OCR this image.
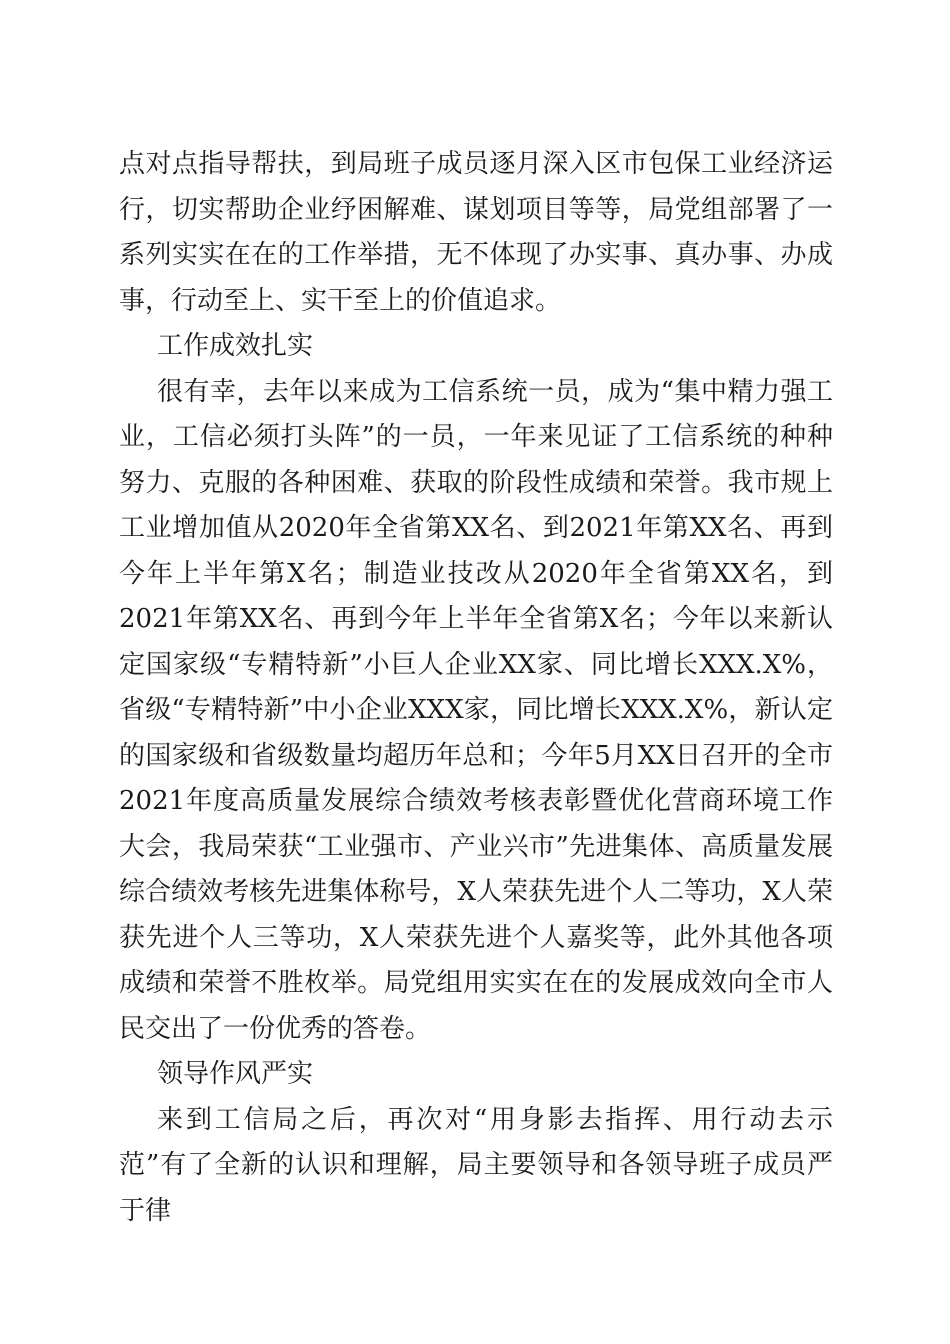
点对点指导帮扶，到局班子成员逐月深入区市包保工业经济运行，切实帮助企业纾困解难、谋划项目等等，局党组部署了一系列实实在在的工作举措，无不体现了办实事、真办事、办成事，行动至上、实干至上的价值追求。

工作成效扎实

很有幸，去年以来成为工信系统一员，成为“集中精力强工业，工信必须打头阵”的一员，一年来见证了工信系统的种种努力、克服的各种困难、获取的阶段性成绩和荣誉。我市规上工业增加值从2020年全省第XX名、到2021年第XX名、再到今年上半年第X名；制造业技改从2020年全省第XX名，到2021年第XX名、再到今年上半年全省第X名；今年以来新认定国家级“专精特新”小巨人企业XX家、同比增长XXX.X%，省级“专精特新”中小企业XXX家，同比增长XXX.X%，新认定的国家级和省级数量均超历年总和；今年5月XX日召开的全市2021年度高质量发展综合绩效考核表彰暨优化营商环境工作大会，我局荣获“工业强市、产业兴市”先进集体、高质量发展综合绩效考核先进集体称号，X人荣获先进个人二等功，X人荣获先进个人三等功，X人荣获先进个人嘉奖等，此外其他各项成绩和荣誉不胜枚举。局党组用实实在在的发展成效向全市人民交出了一份优秀的答卷。

领导作风严实

来到工信局之后，再次对“用身影去指挥、用行动去示范”有了全新的认识和理解，局主要领导和各领导班子成员严于律
